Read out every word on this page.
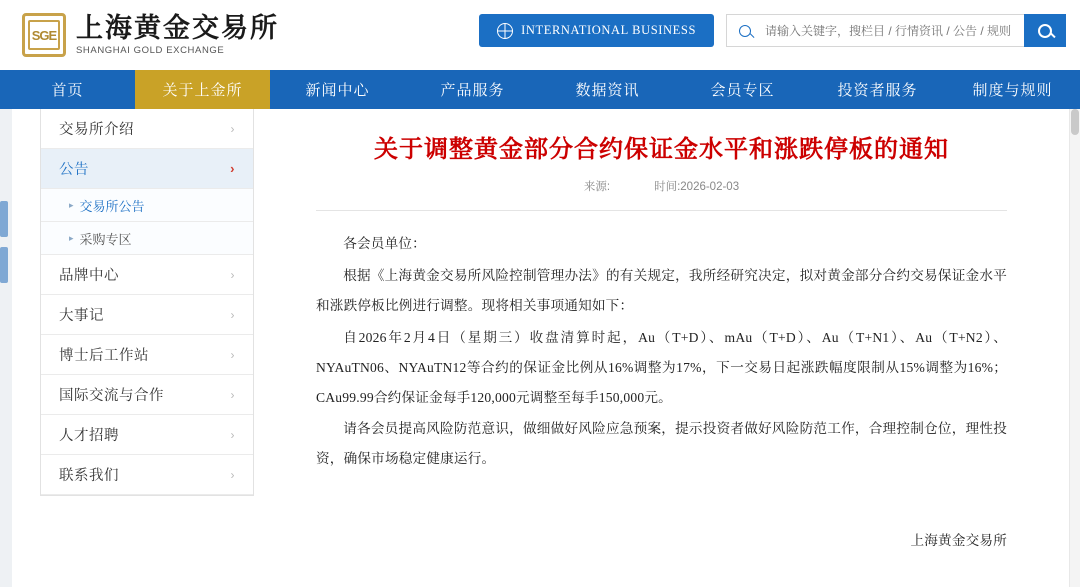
SGE 上海黄金交易所
SHANGHAI GOLD EXCHANGE
INTERNATIONAL BUSINESS
请输入关键字，搜栏目 / 行情资讯 / 公告 / 规则
首页	关于上金所	新闻中心	产品服务	数据资讯	会员专区	投资者服务	制度与规则
交易所介绍	›
公告	›
▸ 交易所公告
▸ 采购专区
品牌中心	›
大事记	›
博士后工作站	›
国际交流与合作	›
人才招聘	›
联系我们	›
关于调整黄金部分合约保证金水平和涨跌停板的通知
来源:	时间:2026-02-03

各会员单位：

根据《上海黄金交易所风险控制管理办法》的有关规定，我所经研究决定，拟对黄金部分合约交易保证金水平和涨跌停板比例进行调整。现将相关事项通知如下：

自2026年2月4日（星期三）收盘清算时起，Au（T+D）、mAu（T+D）、Au（T+N1）、Au（T+N2）、NYAuTN06、NYAuTN12等合约的保证金比例从16%调整为17%，下一交易日起涨跌幅度限制从15%调整为16%；CAu99.99合约保证金每手120,000元调整至每手150,000元。

请各会员提高风险防范意识，做细做好风险应急预案，提示投资者做好风险防范工作，合理控制仓位，理性投资，确保市场稳定健康运行。

上海黄金交易所
